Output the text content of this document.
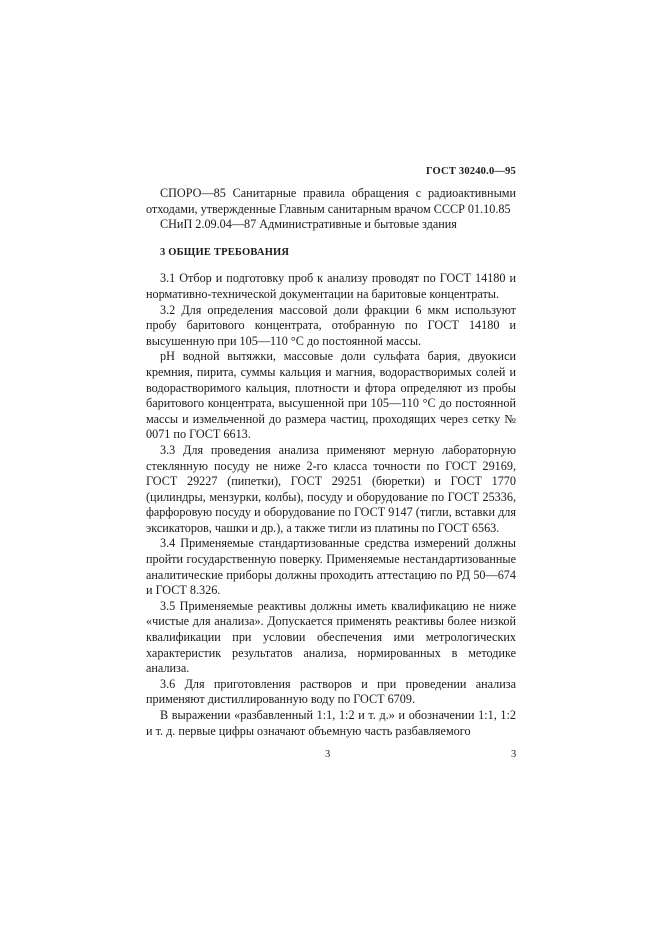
ГОСТ 30240.0—95

СПОРО—85 Санитарные правила обращения с радиоактивными отходами, утвержденные Главным санитарным врачом СССР 01.10.85

СНиП 2.09.04—87 Административные и бытовые здания

3 ОБЩИЕ ТРЕБОВАНИЯ

3.1 Отбор и подготовку проб к анализу проводят по ГОСТ 14180 и нормативно-технической документации на баритовые концентраты.

3.2 Для определения массовой доли фракции 6 мкм используют пробу баритового концентрата, отобранную по ГОСТ 14180 и высушенную при 105—110 °С до постоянной массы.

pH водной вытяжки, массовые доли сульфата бария, двуокиси кремния, пирита, суммы кальция и магния, водорастворимых солей и водорастворимого кальция, плотности и фтора определяют из пробы баритового концентрата, высушенной при 105—110 °С до постоянной массы и измельченной до размера частиц, проходящих через сетку № 0071 по ГОСТ 6613.

3.3 Для проведения анализа применяют мерную лабораторную стеклянную посуду не ниже 2-го класса точности по ГОСТ 29169, ГОСТ 29227 (пипетки), ГОСТ 29251 (бюретки) и ГОСТ 1770 (цилиндры, мензурки, колбы), посуду и оборудование по ГОСТ 25336, фарфоровую посуду и оборудование по ГОСТ 9147 (тигли, вставки для эксикаторов, чашки и др.), а также тигли из платины по ГОСТ 6563.

3.4 Применяемые стандартизованные средства измерений должны пройти государственную поверку. Применяемые нестандартизованные аналитические приборы должны проходить аттестацию по РД 50—674 и ГОСТ 8.326.

3.5 Применяемые реактивы должны иметь квалификацию не ниже «чистые для анализа». Допускается применять реактивы более низкой квалификации при условии обеспечения ими метрологических характеристик результатов анализа, нормированных в методике анализа.

3.6 Для приготовления растворов и при проведении анализа применяют дистиллированную воду по ГОСТ 6709.

В выражении «разбавленный 1:1, 1:2 и т. д.» и обозначении 1:1, 1:2 и т. д. первые цифры означают объемную часть разбавляемого

3	3
